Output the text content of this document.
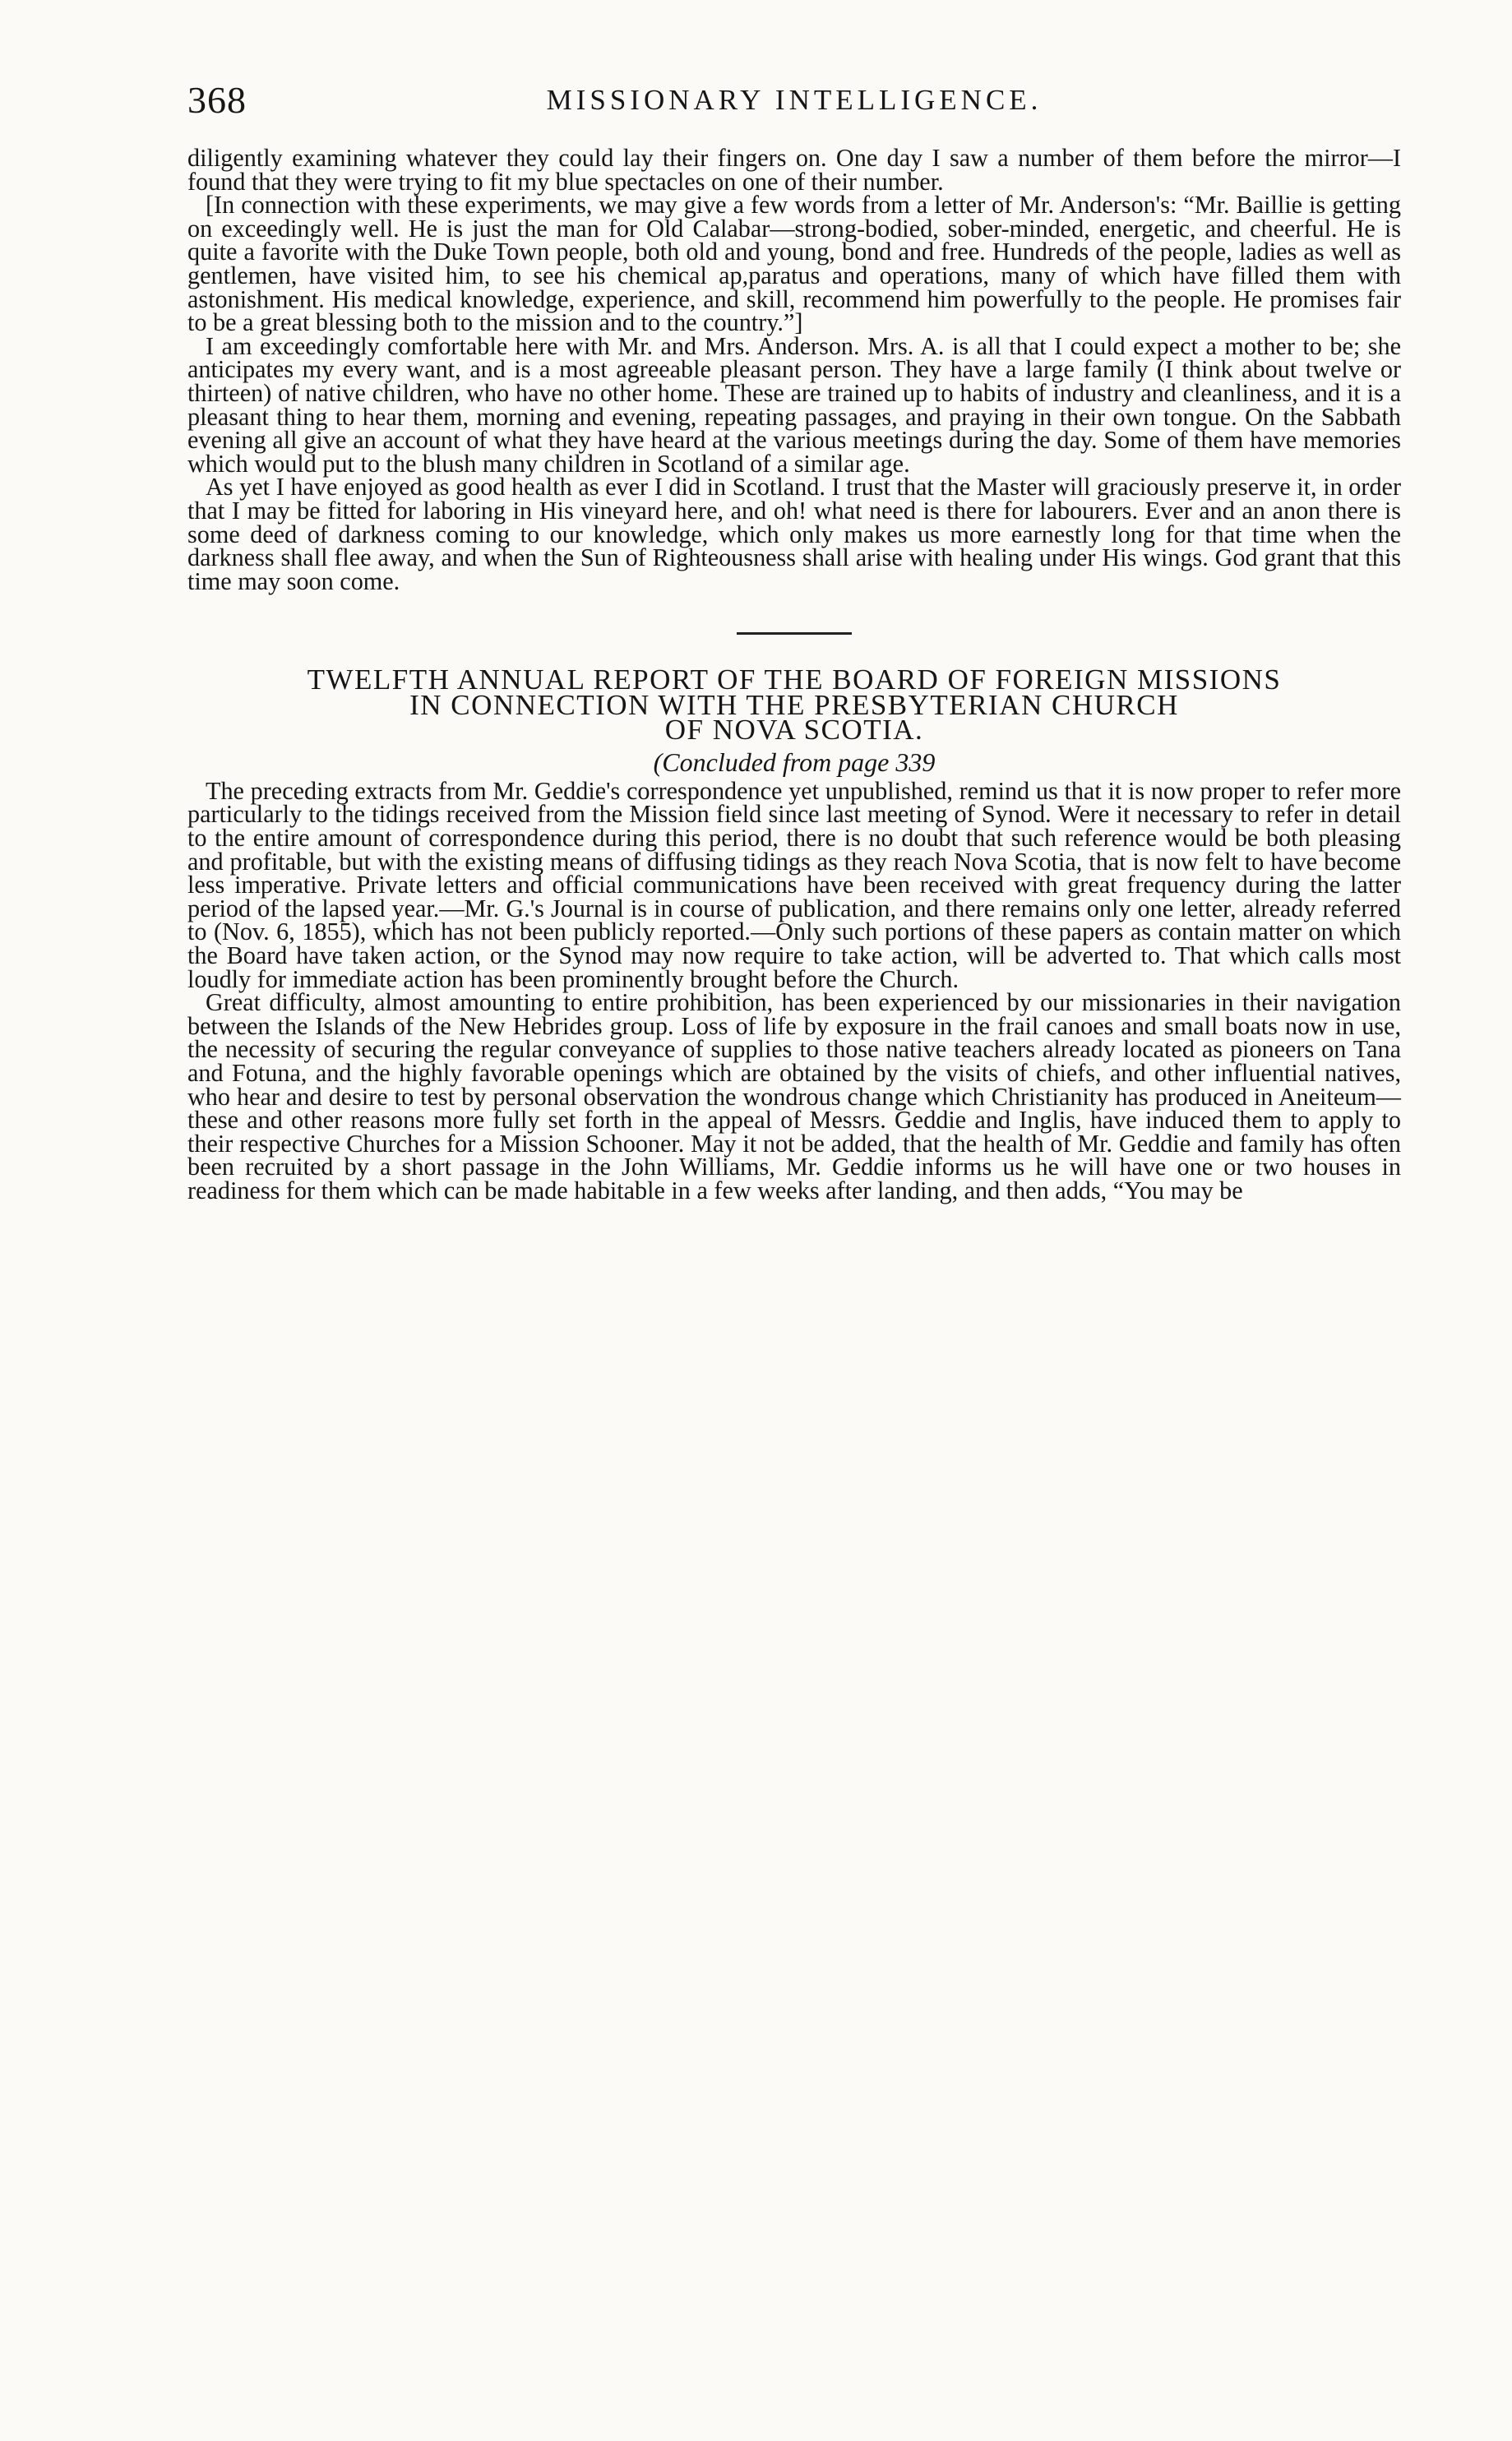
368	MISSIONARY INTELLIGENCE.

diligently examining whatever they could lay their fingers on. One day I saw a number of them before the mirror—I found that they were trying to fit my blue spectacles on one of their number.

[In connection with these experiments, we may give a few words from a letter of Mr. Anderson's: “Mr. Baillie is getting on exceedingly well. He is just the man for Old Calabar—strong-bodied, sober-minded, energetic, and cheerful. He is quite a favorite with the Duke Town people, both old and young, bond and free. Hundreds of the people, ladies as well as gentlemen, have visited him, to see his chemical ap,paratus and operations, many of which have filled them with astonishment. His medical knowledge, experience, and skill, recommend him powerfully to the people. He promises fair to be a great blessing both to the mission and to the country.”]

I am exceedingly comfortable here with Mr. and Mrs. Anderson. Mrs. A. is all that I could expect a mother to be; she anticipates my every want, and is a most agreeable pleasant person. They have a large family (I think about twelve or thirteen) of native children, who have no other home. These are trained up to habits of industry and cleanliness, and it is a pleasant thing to hear them, morning and evening, repeating passages, and praying in their own tongue. On the Sabbath evening all give an account of what they have heard at the various meetings during the day. Some of them have memories which would put to the blush many children in Scotland of a similar age.

As yet I have enjoyed as good health as ever I did in Scotland. I trust that the Master will graciously preserve it, in order that I may be fitted for laboring in His vineyard here, and oh! what need is there for labourers. Ever and an anon there is some deed of darkness coming to our knowledge, which only makes us more earnestly long for that time when the darkness shall flee away, and when the Sun of Righteousness shall arise with healing under His wings. God grant that this time may soon come.

TWELFTH ANNUAL REPORT OF THE BOARD OF FOREIGN MISSIONS
IN CONNECTION WITH THE PRESBYTERIAN CHURCH
OF NOVA SCOTIA.
(Concluded from page 339

The preceding extracts from Mr. Geddie's correspondence yet unpublished, remind us that it is now proper to refer more particularly to the tidings received from the Mission field since last meeting of Synod. Were it necessary to refer in detail to the entire amount of correspondence during this period, there is no doubt that such reference would be both pleasing and profitable, but with the existing means of diffusing tidings as they reach Nova Scotia, that is now felt to have become less imperative. Private letters and official communications have been received with great frequency during the latter period of the lapsed year.—Mr. G.'s Journal is in course of publication, and there remains only one letter, already referred to (Nov. 6, 1855), which has not been publicly reported.—Only such portions of these papers as contain matter on which the Board have taken action, or the Synod may now require to take action, will be adverted to. That which calls most loudly for immediate action has been prominently brought before the Church.

Great difficulty, almost amounting to entire prohibition, has been experienced by our missionaries in their navigation between the Islands of the New Hebrides group. Loss of life by exposure in the frail canoes and small boats now in use, the necessity of securing the regular conveyance of supplies to those native teachers already located as pioneers on Tana and Fotuna, and the highly favorable openings which are obtained by the visits of chiefs, and other influential natives, who hear and desire to test by personal observation the wondrous change which Christianity has produced in Aneiteum—these and other reasons more fully set forth in the appeal of Messrs. Geddie and Inglis, have induced them to apply to their respective Churches for a Mission Schooner. May it not be added, that the health of Mr. Geddie and family has often been recruited by a short passage in the John Williams, Mr. Geddie informs us he will have one or two houses in readiness for them which can be made habitable in a few weeks after landing, and then adds, “You may be
